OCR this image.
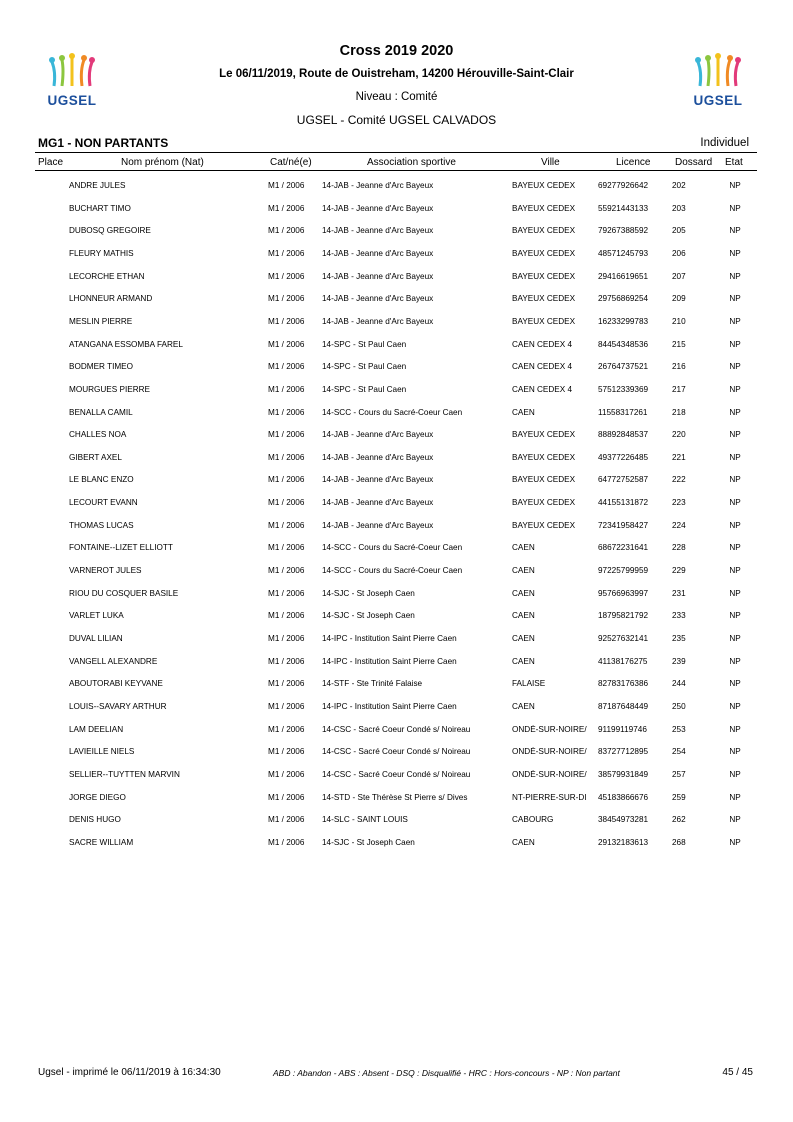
UGSEL	UGSEL
Cross 2019 2020
Le 06/11/2019, Route de Ouistreham, 14200 Hérouville-Saint-Clair
Niveau : Comité
UGSEL - Comité UGSEL CALVADOS
MG1 - NON PARTANTS	Individuel
Place	Nom prénom (Nat)	Cat/né(e)	Association sportive	Ville	Licence Dossard Etat
ANDRE JULES	M1 / 2006	14-JAB - Jeanne d'Arc Bayeux	BAYEUX CEDEX	69277926642	202	NP
BUCHART TIMO	M1 / 2006	14-JAB - Jeanne d'Arc Bayeux	BAYEUX CEDEX	55921443133	203	NP
DUBOSQ GREGOIRE	M1 / 2006	14-JAB - Jeanne d'Arc Bayeux	BAYEUX CEDEX	79267388592	205	NP
FLEURY MATHIS	M1 / 2006	14-JAB - Jeanne d'Arc Bayeux	BAYEUX CEDEX	48571245793	206	NP
LECORCHE ETHAN	M1 / 2006	14-JAB - Jeanne d'Arc Bayeux	BAYEUX CEDEX	29416619651	207	NP
LHONNEUR ARMAND	M1 / 2006	14-JAB - Jeanne d'Arc Bayeux	BAYEUX CEDEX	29756869254	209	NP
MESLIN PIERRE	M1 / 2006	14-JAB - Jeanne d'Arc Bayeux	BAYEUX CEDEX	16233299783	210	NP
ATANGANA ESSOMBA FAREL	M1 / 2006	14-SPC - St Paul Caen	CAEN CEDEX 4	84454348536	215	NP
BODMER TIMEO	M1 / 2006	14-SPC - St Paul Caen	CAEN CEDEX 4	26764737521	216	NP
MOURGUES PIERRE	M1 / 2006	14-SPC - St Paul Caen	CAEN CEDEX 4	57512339369	217	NP
BENALLA CAMIL	M1 / 2006	14-SCC - Cours du Sacré-Coeur Caen	CAEN	11558317261	218	NP
CHALLES NOA	M1 / 2006	14-JAB - Jeanne d'Arc Bayeux	BAYEUX CEDEX	88892848537	220	NP
GIBERT AXEL	M1 / 2006	14-JAB - Jeanne d'Arc Bayeux	BAYEUX CEDEX	49377226485	221	NP
LE BLANC ENZO	M1 / 2006	14-JAB - Jeanne d'Arc Bayeux	BAYEUX CEDEX	64772752587	222	NP
LECOURT EVANN	M1 / 2006	14-JAB - Jeanne d'Arc Bayeux	BAYEUX CEDEX	44155131872	223	NP
THOMAS LUCAS	M1 / 2006	14-JAB - Jeanne d'Arc Bayeux	BAYEUX CEDEX	72341958427	224	NP
FONTAINE--LIZET ELLIOTT	M1 / 2006	14-SCC - Cours du Sacré-Coeur Caen	CAEN	68672231641	228	NP
VARNEROT JULES	M1 / 2006	14-SCC - Cours du Sacré-Coeur Caen	CAEN	97225799959	229	NP
RIOU DU COSQUER BASILE	M1 / 2006	14-SJC - St Joseph Caen	CAEN	95766963997	231	NP
VARLET LUKA	M1 / 2006	14-SJC - St Joseph Caen	CAEN	18795821792	233	NP
DUVAL LILIAN	M1 / 2006	14-IPC - Institution Saint Pierre Caen	CAEN	92527632141	235	NP
VANGELL ALEXANDRE	M1 / 2006	14-IPC - Institution Saint Pierre Caen	CAEN	41138176275	239	NP
ABOUTORABI KEYVANE	M1 / 2006	14-STF - Ste Trinité Falaise	FALAISE	82783176386	244	NP
LOUIS--SAVARY ARTHUR	M1 / 2006	14-IPC - Institution Saint Pierre Caen	CAEN	87187648449	250	NP
LAM DEELIAN	M1 / 2006	14-CSC - Sacré Coeur Condé s/ Noireau	ONDÉ-SUR-NOIRE/	91199119746	253	NP
LAVIEILLE NIELS	M1 / 2006	14-CSC - Sacré Coeur Condé s/ Noireau	ONDÉ-SUR-NOIRE/	83727712895	254	NP
SELLIER--TUYTTEN MARVIN	M1 / 2006	14-CSC - Sacré Coeur Condé s/ Noireau	ONDÉ-SUR-NOIRE/	38579931849	257	NP
JORGE DIEGO	M1 / 2006	14-STD - Ste Thérèse St Pierre s/ Dives	NT-PIERRE-SUR-DI	45183866676	259	NP
DENIS HUGO	M1 / 2006	14-SLC - SAINT LOUIS	CABOURG	38454973281	262	NP
SACRE WILLIAM	M1 / 2006	14-SJC - St Joseph Caen	CAEN	29132183613	268	NP
Ugsel - imprimé le 06/11/2019 à 16:34:30	ABD : Abandon - ABS : Absent - DSQ : Disqualifié - HRC : Hors-concours - NP : Non partant	45 / 45
